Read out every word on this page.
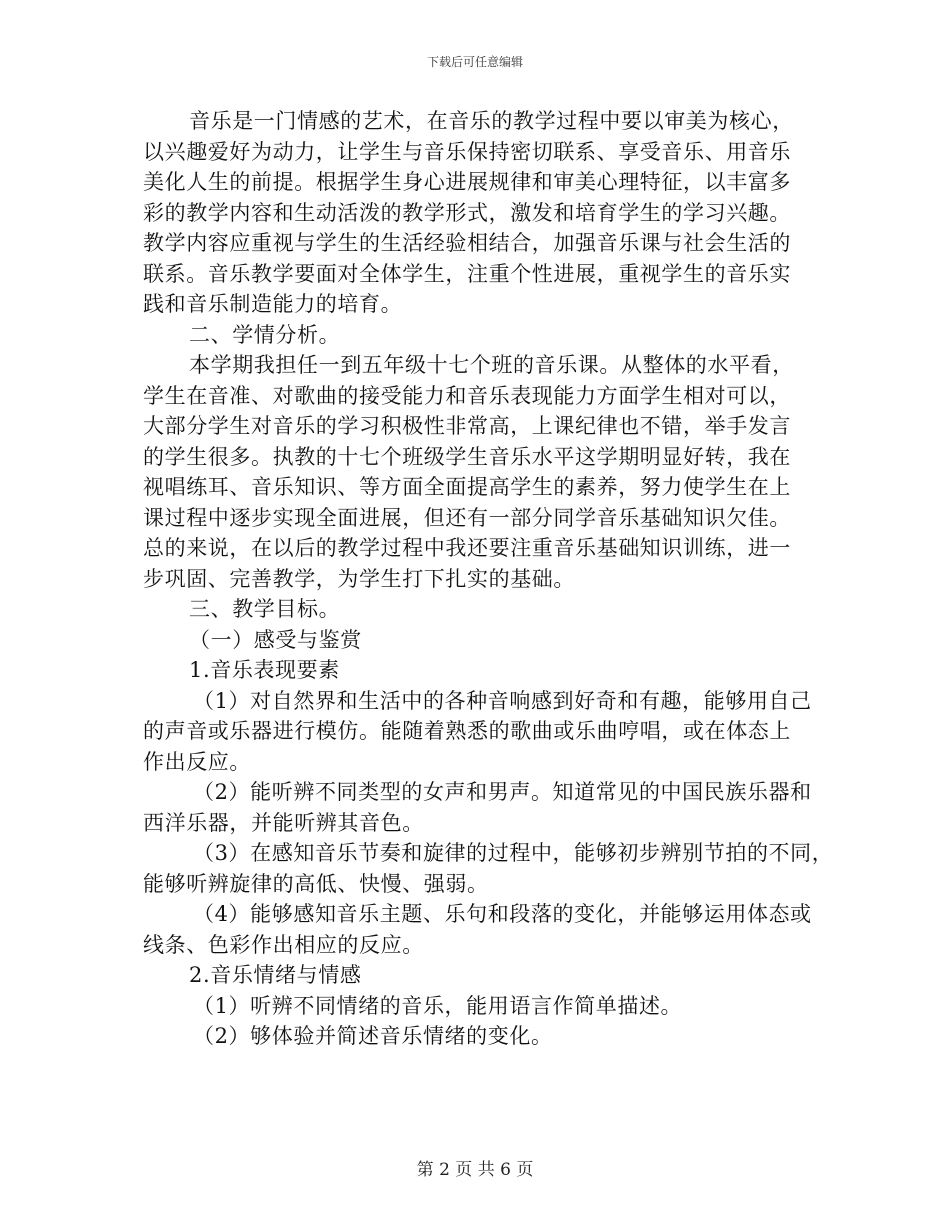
下载后可任意编辑
音乐是一门情感的艺术，在音乐的教学过程中要以审美为核心，
以兴趣爱好为动力，让学生与音乐保持密切联系、享受音乐、用音乐
美化人生的前提。根据学生身心进展规律和审美心理特征，以丰富多
彩的教学内容和生动活泼的教学形式，激发和培育学生的学习兴趣。
教学内容应重视与学生的生活经验相结合，加强音乐课与社会生活的
联系。音乐教学要面对全体学生，注重个性进展，重视学生的音乐实
践和音乐制造能力的培育。
二、学情分析。
本学期我担任一到五年级十七个班的音乐课。从整体的水平看，
学生在音准、对歌曲的接受能力和音乐表现能力方面学生相对可以，
大部分学生对音乐的学习积极性非常高，上课纪律也不错，举手发言
的学生很多。执教的十七个班级学生音乐水平这学期明显好转，我在
视唱练耳、音乐知识、等方面全面提高学生的素养，努力使学生在上
课过程中逐步实现全面进展，但还有一部分同学音乐基础知识欠佳。
总的来说，在以后的教学过程中我还要注重音乐基础知识训练，进一
步巩固、完善教学，为学生打下扎实的基础。
三、教学目标。
（一）感受与鉴赏
1.音乐表现要素
（1）对自然界和生活中的各种音响感到好奇和有趣，能够用自己
的声音或乐器进行模仿。能随着熟悉的歌曲或乐曲哼唱，或在体态上
作出反应。
（2）能听辨不同类型的女声和男声。知道常见的中国民族乐器和
西洋乐器，并能听辨其音色。
（3）在感知音乐节奏和旋律的过程中，能够初步辨别节拍的不同，
能够听辨旋律的高低、快慢、强弱。
（4）能够感知音乐主题、乐句和段落的变化，并能够运用体态或
线条、色彩作出相应的反应。
2.音乐情绪与情感
（1）听辨不同情绪的音乐，能用语言作简单描述。
（2）够体验并简述音乐情绪的变化。
第 2 页 共 6 页
